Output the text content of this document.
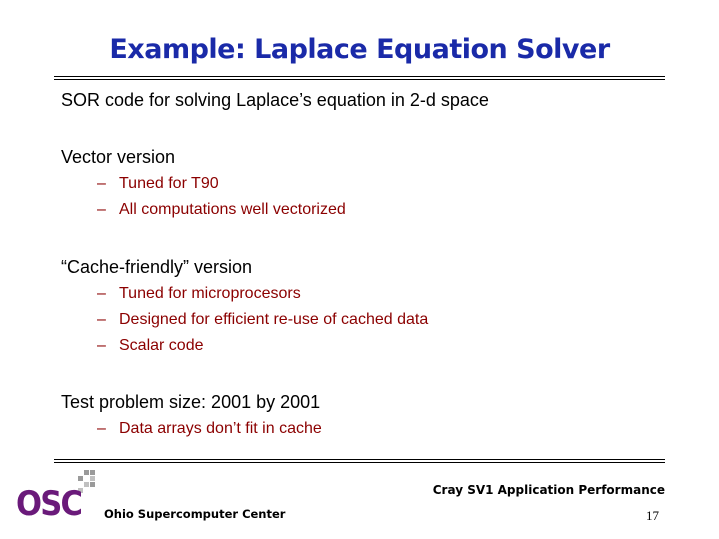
Example: Laplace Equation Solver
SOR code for solving Laplace’s equation in 2-d space
Vector version
– Tuned for T90
– All computations well vectorized
“Cache-friendly” version
– Tuned for microprocesors
– Designed for efficient re-use of cached data
– Scalar code
Test problem size: 2001 by 2001
– Data arrays don’t fit in cache
OSC Ohio Supercomputer Center
Cray SV1 Application Performance
17
